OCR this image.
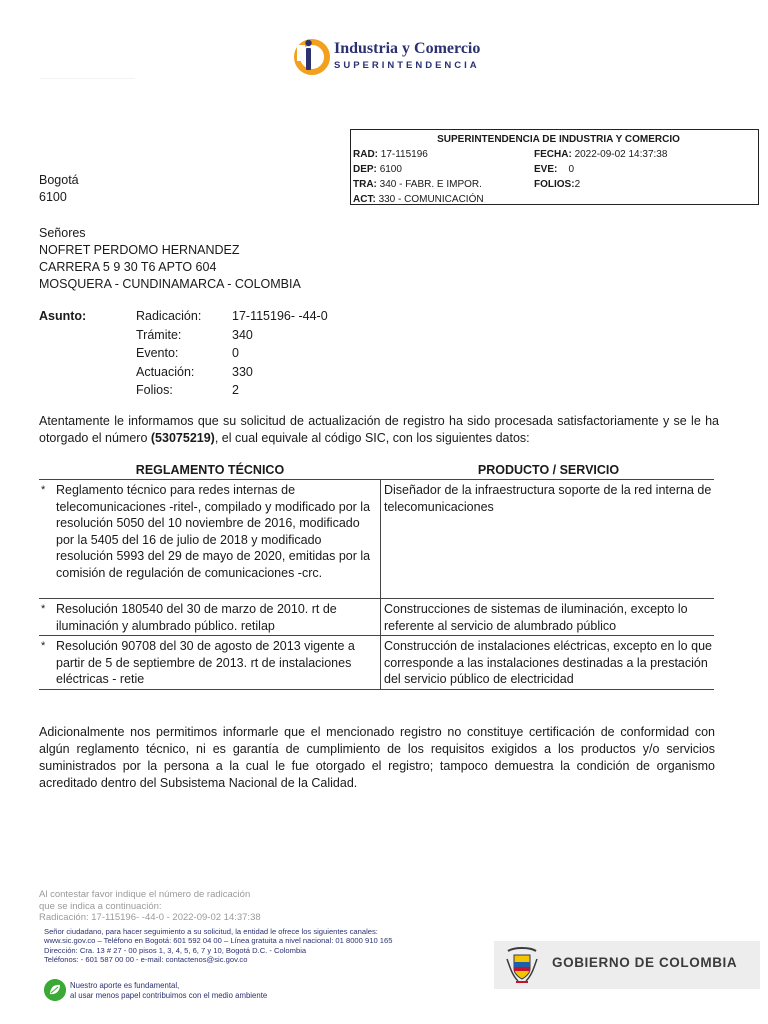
Industria y Comercio
SUPERINTENDENCIA
SUPERINTENDENCIA DE INDUSTRIA Y COMERCIO
RAD: 17-115196	FECHA: 2022-09-02 14:37:38
DEP: 6100	EVE: 0
TRA: 340 - FABR. E IMPOR.	FOLIOS:2
ACT: 330 - COMUNICACIÓN
Bogotá
6100
Señores
NOFRET PERDOMO HERNANDEZ
CARRERA 5 9 30 T6 APTO 604
MOSQUERA - CUNDINAMARCA - COLOMBIA
Asunto:	Radicación: 17-115196- -44-0
Trámite:	340
Evento:	0
Actuación:	330
Folios:	2
Atentamente le informamos que su solicitud de actualización de registro ha sido procesada satisfactoriamente y se le ha otorgado el número (53075219), el cual equivale al código SIC, con los siguientes datos:
REGLAMENTO TÉCNICO	PRODUCTO / SERVICIO
* Reglamento técnico para redes internas de telecomunicaciones -ritel-, compilado y modificado por la resolución 5050 del 10 noviembre de 2016, modificado por la 5405 del 16 de julio de 2018 y modificado resolución 5993 del 29 de mayo de 2020, emitidas por la comisión de regulación de comunicaciones -crc.
Diseñador de la infraestructura soporte de la red interna de telecomunicaciones
* Resolución 180540 del 30 de marzo de 2010. rt de iluminación y alumbrado público. retilap
Construcciones de sistemas de iluminación, excepto lo referente al servicio de alumbrado público
* Resolución 90708 del 30 de agosto de 2013 vigente a partir de 5 de septiembre de 2013. rt de instalaciones eléctricas - retie
Construcción de instalaciones eléctricas, excepto en lo que corresponde a las instalaciones destinadas a la prestación del servicio público de electricidad
Adicionalmente nos permitimos informarle que el mencionado registro no constituye certificación de conformidad con algún reglamento técnico, ni es garantía de cumplimiento de los requisitos exigidos a los productos y/o servicios suministrados por la persona a la cual le fue otorgado el registro; tampoco demuestra la condición de organismo acreditado dentro del Subsistema Nacional de la Calidad.
Al contestar favor indique el número de radicación
que se indica a continuación:
Radicación: 17-115196- -44-0 - 2022-09-02 14:37:38
Señor ciudadano, para hacer seguimiento a su solicitud, la entidad le ofrece los siguientes canales:
www.sic.gov.co – Teléfono en Bogotá: 601 592 04 00 – Línea gratuita a nivel nacional: 01 8000 910 165
Dirección: Cra. 13 # 27 - 00 pisos 1, 3, 4, 5, 6, 7 y 10, Bogotá D.C. - Colombia
Teléfonos: - 601 587 00 00 - e-mail: contactenos@sic.gov.co
Nuestro aporte es fundamental,
al usar menos papel contribuimos con el medio ambiente
GOBIERNO DE COLOMBIA
